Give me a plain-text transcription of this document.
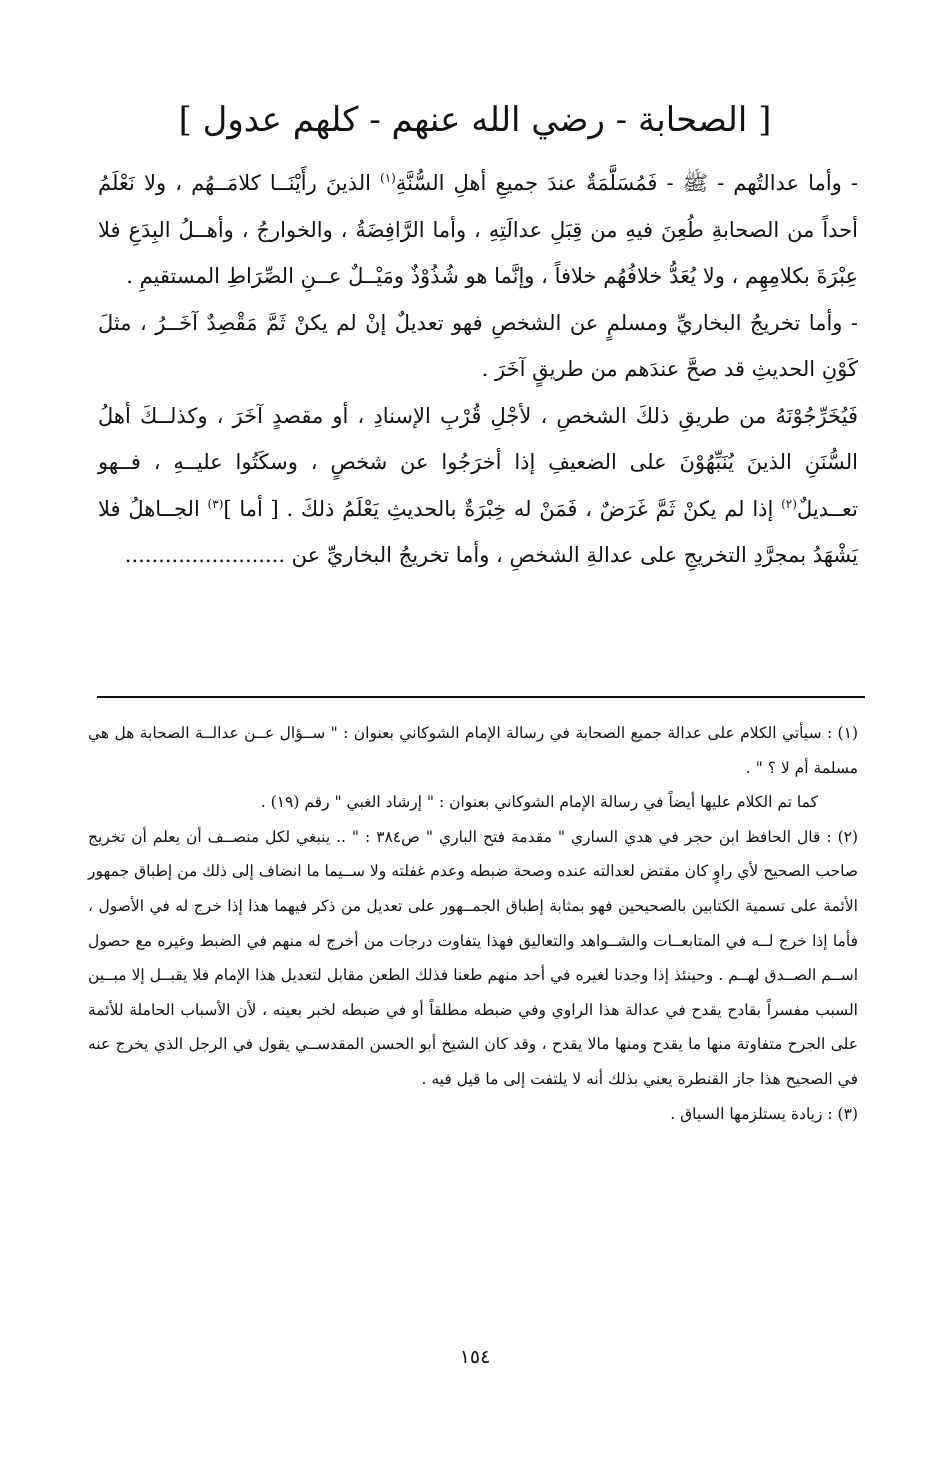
[ الصحابة - رضي الله عنهم - كلهم عدول ]

- وأما عدالتُهم - ﷺ - فَمُسَلَّمَةٌ عندَ جميعِ أهلِ السُّنَّةِ$^{(١)}$ الذينَ رأَيْنَــا كلامَــهُم ، ولا نَعْلَمُ أحداً من الصحابةِ طُعِنَ فيهِ من قِبَلِ عدالَتِهِ ، وأما الرَّافِضَةُ ، والخوارجُ ، وأهــلُ البِدَعِ فلا عِبْرَةَ بكلامِهِم ، ولا يُعَدُّ خلافُهُم خلافاً ، وإنَّما هو شُذُوْذٌ ومَيْــلٌ عــنِ الصِّرَاطِ المستقيمِ .

- وأما تخريجُ البخاريِّ ومسلمٍ عن الشخصِ فهو تعديلٌ إنْ لم يكنْ ثَمَّ مَقْصِدٌ آخَــرُ ، مثلَ كَوْنِ الحديثِ قد صحَّ عندَهم من طريقٍ آخَرَ .

فَيُخَرِّجُوْنَهُ من طريقِ ذلكَ الشخصِ ، لأجْلِ قُرْبِ الإسنادِ ، أو مقصدٍ آخَرَ ، وكذلــكَ أهلُ السُّنَنِ الذينَ يُنَبِّهُوْنَ على الضعيفِ إذا أخرَجُوا عن شخصٍ ، وسكَتُوا عليــهِ ، فــهو تعــديلٌ$^{(٢)}$ إذا لم يكنْ ثَمَّ غَرَضٌ ، فَمَنْ له خِبْرَةٌ بالحديثِ يَعْلَمُ ذلكَ . [ أما ]$^{(٣)}$ الجــاهلُ فلا يَشْهَدُ بمجرَّدِ التخريجِ على عدالةِ الشخصِ ، وأما تخريجُ البخاريِّ عن ........................

(١) : سيأتي الكلام على عدالة جميع الصحابة في رسالة الإمام الشوكاني بعنوان : " ســؤال عــن عدالــة الصحابة هل هي مسلمة أم لا ؟ " .

كما تم الكلام عليها أيضاً في رسالة الإمام الشوكاني بعنوان : " إرشاد الغبي " رقم (١٩) .

(٢) : قال الحافظ ابن حجر في هدي الساري " مقدمة فتح الباري " ص٣٨٤ : " .. ينبغي لكل منصــف أن يعلم أن تخريج صاحب الصحيح لأي راوٍ كان مقتض لعدالته عنده وصحة ضبطه وعدم غفلته ولا ســيما ما انضاف إلى ذلك من إطباق جمهور الأئمة على تسمية الكتابين بالصحيحين فهو بمثابة إطباق الجمــهور على تعديل من ذكر فيهما هذا إذا خرج له في الأصول ، فأما إذا خرج لــه في المتابعــات والشــواهد والتعاليق فهذا يتفاوت درجات من أخرج له منهم في الضبط وغيره مع حصول اســم الصــدق لهــم . وحينئذ إذا وجدنا لغيره في أحد منهم طعنا فذلك الطعن مقابل لتعديل هذا الإمام فلا يقبــل إلا مبــين السبب مفسراً بقادح يقدح في عدالة هذا الراوي وفي ضبطه مطلقاً أو في ضبطه لخبر بعينه ، لأن الأسباب الحاملة للأئمة على الجرح متفاوتة منها ما يقدح ومنها مالا يقدح ، وقد كان الشيخ أبو الحسن المقدســي يقول في الرجل الذي يخرج عنه في الصحيح هذا جاز القنطرة يعني بذلك أنه لا يلتفت إلى ما قيل فيه .

(٣) : زيادة يستلزمها السياق .

١٥٤
